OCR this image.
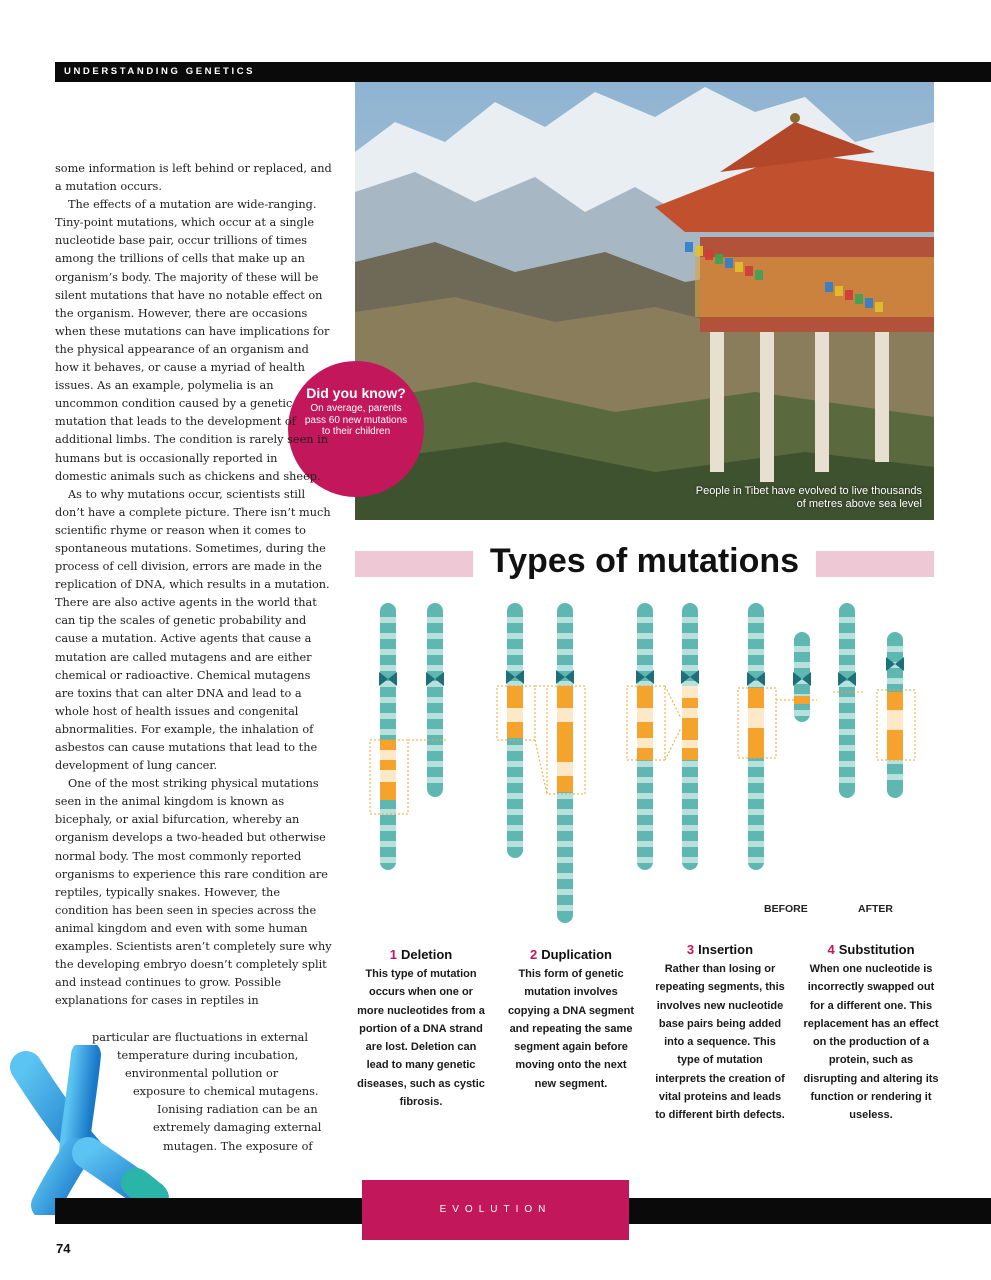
UNDERSTANDING GENETICS
People in Tibet have evolved to live thousands of metres above sea level
Did you know?
On average, parents pass 60 new mutations to their children

some information is left behind or replaced, and a mutation occurs.

The effects of a mutation are wide-ranging. Tiny-point mutations, which occur at a single nucleotide base pair, occur trillions of times among the trillions of cells that make up an organism’s body. The majority of these will be silent mutations that have no notable effect on the organism. However, there are occasions when these mutations can have implications for the physical appearance of an organism and how it behaves, or cause a myriad of health issues. As an example, polymelia is an uncommon condition caused by a genetic mutation that leads to the development of additional limbs. The condition is rarely seen in humans but is occasionally reported in domestic animals such as chickens and sheep.

As to why mutations occur, scientists still don’t have a complete picture. There isn’t much scientific rhyme or reason when it comes to spontaneous mutations. Sometimes, during the process of cell division, errors are made in the replication of DNA, which results in a mutation. There are also active agents in the world that can tip the scales of genetic probability and cause a mutation. Active agents that cause a mutation are called mutagens and are either chemical or radioactive. Chemical mutagens are toxins that can alter DNA and lead to a whole host of health issues and congenital abnormalities. For example, the inhalation of asbestos can cause mutations that lead to the development of lung cancer.

One of the most striking physical mutations seen in the animal kingdom is known as bicephaly, or axial bifurcation, whereby an organism develops a two-headed but otherwise normal body. The most commonly reported organisms to experience this rare condition are reptiles, typically snakes. However, the condition has been seen in species across the animal kingdom and even with some human examples. Scientists aren’t completely sure why the developing embryo doesn’t completely split and instead continues to grow. Possible explanations for cases in reptiles in

particular are fluctuations in external
temperature during incubation,
environmental pollution or
exposure to chemical mutagens.
Ionising radiation can be an
extremely damaging external
mutagen. The exposure of
Types of mutations
BEFORE	AFTER
1 Deletion
This type of mutation occurs when one or more nucleotides from a portion of a DNA strand are lost. Deletion can lead to many genetic diseases, such as cystic fibrosis.
2 Duplication
This form of genetic mutation involves copying a DNA segment and repeating the same segment again before moving onto the next new segment.
3 Insertion
Rather than losing or repeating segments, this involves new nucleotide base pairs being added into a sequence. This type of mutation interprets the creation of vital proteins and leads to different birth defects.
4 Substitution
When one nucleotide is incorrectly swapped out for a different one. This replacement has an effect on the production of a protein, such as disrupting and altering its function or rendering it useless.
EVOLUTION
74
